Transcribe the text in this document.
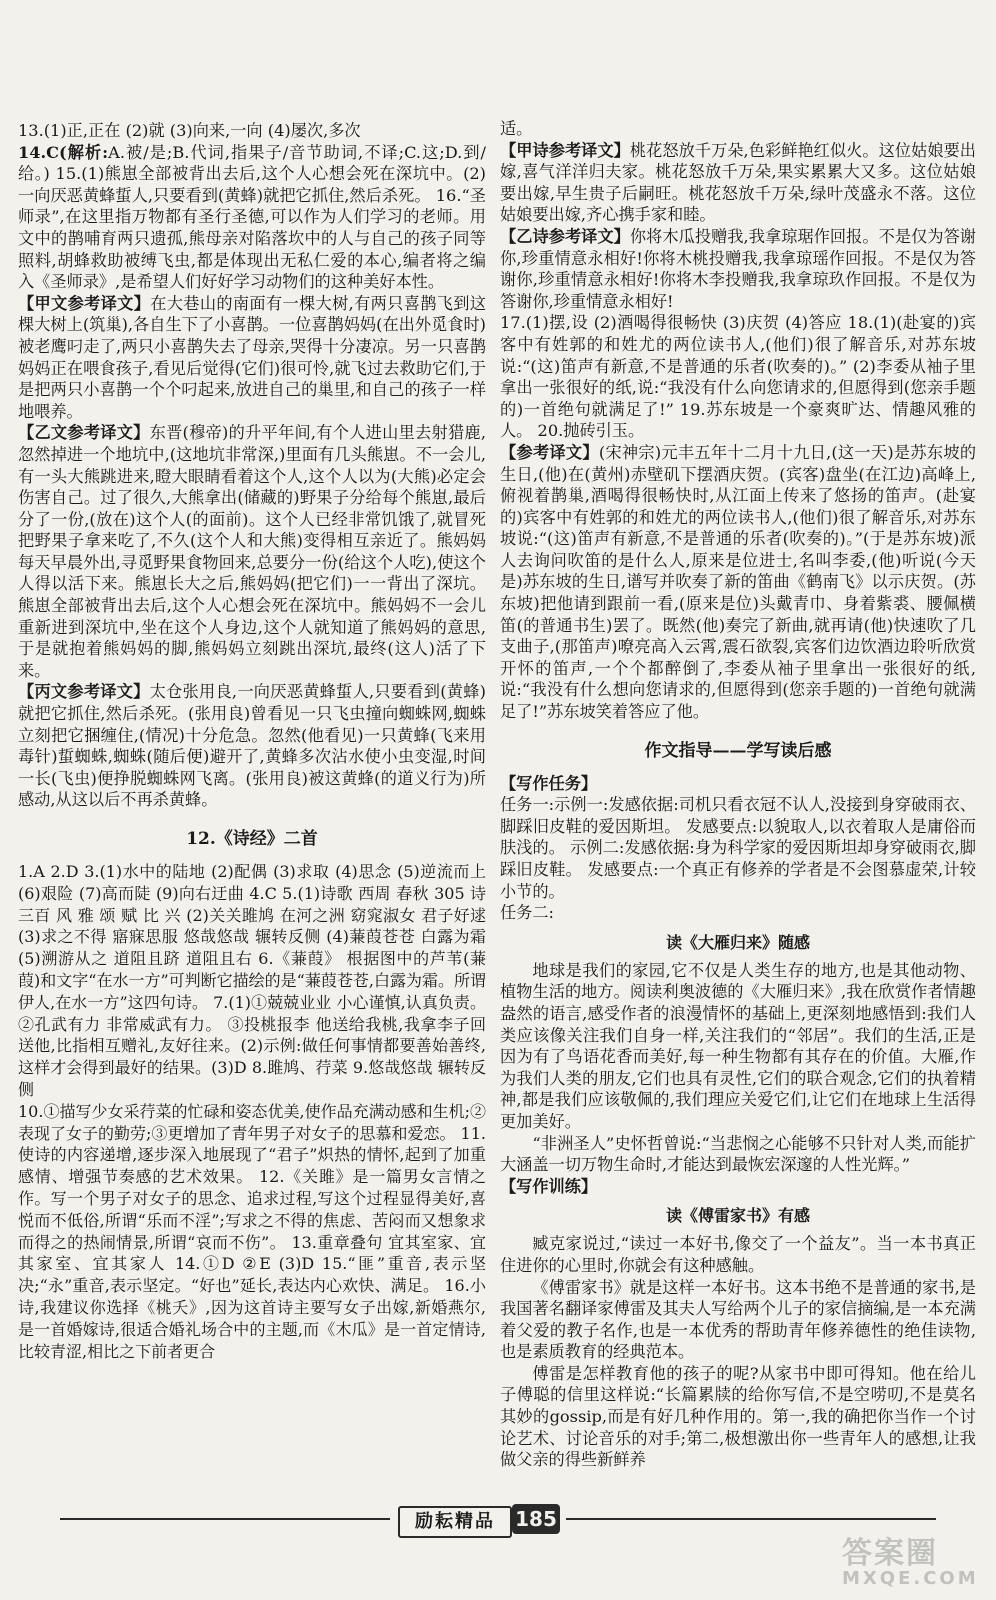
13.(1)正,正在 (2)就 (3)向来,一向 (4)屡次,多次

14.C(解析:A.被/是;B.代词,指果子/音节助词,不译;C.这;D.到/给。) 15.(1)熊崽全部被背出去后,这个人心想会死在深坑中。(2)一向厌恶黄蜂蜇人,只要看到(黄蜂)就把它抓住,然后杀死。 16.“圣师录”,在这里指万物都有圣行圣德,可以作为人们学习的老师。用文中的鹊哺育两只遗孤,熊母亲对陷落坎中的人与自己的孩子同等照料,胡蜂救助被缚飞虫,都是体现出无私仁爱的本心,编者将之编入《圣师录》,是希望人们好好学习动物们的这种美好本性。

【甲文参考译文】在大巷山的南面有一棵大树,有两只喜鹊飞到这棵大树上(筑巢),各自生下了小喜鹊。一位喜鹊妈妈(在出外觅食时)被老鹰叼走了,两只小喜鹊失去了母亲,哭得十分凄凉。另一只喜鹊妈妈正在喂食孩子,看见后觉得(它们)很可怜,就飞过去救助它们,于是把两只小喜鹊一个个叼起来,放进自己的巢里,和自己的孩子一样地喂养。

【乙文参考译文】东晋(穆帝)的升平年间,有个人进山里去射猎鹿,忽然掉进一个地坑中,(这地坑非常深,)里面有几头熊崽。不一会儿,有一头大熊跳进来,瞪大眼睛看着这个人,这个人以为(大熊)必定会伤害自己。过了很久,大熊拿出(储藏的)野果子分给每个熊崽,最后分了一份,(放在)这个人(的面前)。这个人已经非常饥饿了,就冒死把野果子拿来吃了,不久(这个人和大熊)变得相互亲近了。熊妈妈每天早晨外出,寻觅野果食物回来,总要分一份(给这个人吃),使这个人得以活下来。熊崽长大之后,熊妈妈(把它们)一一背出了深坑。熊崽全部被背出去后,这个人心想会死在深坑中。熊妈妈不一会儿重新进到深坑中,坐在这个人身边,这个人就知道了熊妈妈的意思,于是就抱着熊妈妈的脚,熊妈妈立刻跳出深坑,最终(这人)活了下来。

【丙文参考译文】太仓张用良,一向厌恶黄蜂蜇人,只要看到(黄蜂)就把它抓住,然后杀死。(张用良)曾看见一只飞虫撞向蜘蛛网,蜘蛛立刻把它捆缠住,(情况)十分危急。忽然(他看见)一只黄蜂(飞来用毒针)蜇蜘蛛,蜘蛛(随后便)避开了,黄蜂多次沾水使小虫变湿,时间一长(飞虫)便挣脱蜘蛛网飞离。(张用良)被这黄蜂(的道义行为)所感动,从这以后不再杀黄蜂。

12.《诗经》二首

1.A 2.D 3.(1)水中的陆地 (2)配偶 (3)求取 (4)思念 (5)逆流而上 (6)艰险 (7)高而陡 (9)向右迂曲 4.C 5.(1)诗歌 西周 春秋 305 诗三百 风 雅 颂 赋 比 兴 (2)关关雎鸠 在河之洲 窈窕淑女 君子好逑 (3)求之不得 寤寐思服 悠哉悠哉 辗转反侧 (4)蒹葭苍苍 白露为霜 (5)溯游从之 道阻且跻 道阻且右 6.《蒹葭》 根据图中的芦苇(蒹葭)和文字“在水一方”可判断它描绘的是“蒹葭苍苍,白露为霜。所谓伊人,在水一方”这四句诗。 7.(1)①兢兢业业 小心谨慎,认真负责。 ②孔武有力 非常威武有力。 ③投桃报李 他送给我桃,我拿李子回送他,比指相互赠礼,友好往来。(2)示例:做任何事情都要善始善终,这样才会得到最好的结果。(3)D 8.雎鸠、荇菜 9.悠哉悠哉 辗转反侧

10.①描写少女采荇菜的忙碌和姿态优美,使作品充满动感和生机;②表现了女子的勤劳;③更增加了青年男子对女子的思慕和爱恋。 11.使诗的内容递增,逐步深入地展现了“君子”炽热的情怀,起到了加重感情、增强节奏感的艺术效果。 12.《关雎》是一篇男女言情之作。写一个男子对女子的思念、追求过程,写这个过程显得美好,喜悦而不低俗,所谓“乐而不淫”;写求之不得的焦虑、苦闷而又想象求而得之的热闹情景,所谓“哀而不伤”。 13.重章叠句 宜其室家、宜其家室、宜其家人 14.①D ②E (3)D 15.“匪”重音,表示坚决;“永”重音,表示坚定。“好也”延长,表达内心欢快、满足。 16.小诗,我建议你选择《桃夭》,因为这首诗主要写女子出嫁,新婚燕尔,是一首婚嫁诗,很适合婚礼场合中的主题,而《木瓜》是一首定情诗,比较青涩,相比之下前者更合

适。

【甲诗参考译文】桃花怒放千万朵,色彩鲜艳红似火。这位姑娘要出嫁,喜气洋洋归夫家。桃花怒放千万朵,果实累累大又多。这位姑娘要出嫁,早生贵子后嗣旺。桃花怒放千万朵,绿叶茂盛永不落。这位姑娘要出嫁,齐心携手家和睦。

【乙诗参考译文】你将木瓜投赠我,我拿琼琚作回报。不是仅为答谢你,珍重情意永相好!你将木桃投赠我,我拿琼瑶作回报。不是仅为答谢你,珍重情意永相好!你将木李投赠我,我拿琼玖作回报。不是仅为答谢你,珍重情意永相好!

17.(1)摆,设 (2)酒喝得很畅快 (3)庆贺 (4)答应 18.(1)(赴宴的)宾客中有姓郭的和姓尤的两位读书人,(他们)很了解音乐,对苏东坡说:“(这)笛声有新意,不是普通的乐者(吹奏的)。” (2)李委从袖子里拿出一张很好的纸,说:“我没有什么向您请求的,但愿得到(您亲手题的)一首绝句就满足了!” 19.苏东坡是一个豪爽旷达、情趣风雅的人。 20.抛砖引玉。

【参考译文】(宋神宗)元丰五年十二月十九日,(这一天)是苏东坡的生日,(他)在(黄州)赤壁矶下摆酒庆贺。(宾客)盘坐(在江边)高峰上,俯视着鹊巢,酒喝得很畅快时,从江面上传来了悠扬的笛声。(赴宴的)宾客中有姓郭的和姓尤的两位读书人,(他们)很了解音乐,对苏东坡说:“(这)笛声有新意,不是普通的乐者(吹奏的)。”(于是苏东坡)派人去询问吹笛的是什么人,原来是位进士,名叫李委,(他)听说(今天是)苏东坡的生日,谱写并吹奏了新的笛曲《鹤南飞》以示庆贺。(苏东坡)把他请到跟前一看,(原来是位)头戴青巾、身着紫裘、腰佩横笛(的普通书生)罢了。既然(他)奏完了新曲,就再请(他)快速吹了几支曲子,(那笛声)嘹亮高入云霄,震石欲裂,宾客们边饮酒边聆听欣赏开怀的笛声,一个个都醉倒了,李委从袖子里拿出一张很好的纸,说:“我没有什么想向您请求的,但愿得到(您亲手题的)一首绝句就满足了!”苏东坡笑着答应了他。

作文指导——学写读后感

【写作任务】

任务一:示例一:发感依据:司机只看衣冠不认人,没接到身穿破雨衣、脚踩旧皮鞋的爱因斯坦。 发感要点:以貌取人,以衣着取人是庸俗而肤浅的。 示例二:发感依据:身为科学家的爱因斯坦却身穿破雨衣,脚踩旧皮鞋。 发感要点:一个真正有修养的学者是不会图慕虚荣,计较小节的。

任务二:

读《大雁归来》随感

地球是我们的家园,它不仅是人类生存的地方,也是其他动物、植物生活的地方。阅读利奥波德的《大雁归来》,我在欣赏作者情趣盎然的语言,感受作者的浪漫情怀的基础上,更深刻地感悟到:我们人类应该像关注我们自身一样,关注我们的“邻居”。我们的生活,正是因为有了鸟语花香而美好,每一种生物都有其存在的价值。大雁,作为我们人类的朋友,它们也具有灵性,它们的联合观念,它们的执着精神,都是我们应该敬佩的,我们理应关爱它们,让它们在地球上生活得更加美好。

“非洲圣人”史怀哲曾说:“当悲悯之心能够不只针对人类,而能扩大涵盖一切万物生命时,才能达到最恢宏深邃的人性光辉。”

【写作训练】

读《傅雷家书》有感

臧克家说过,“读过一本好书,像交了一个益友”。当一本书真正住进你的心里时,你就会有这种感触。

《傅雷家书》就是这样一本好书。这本书绝不是普通的家书,是我国著名翻译家傅雷及其夫人写给两个儿子的家信摘编,是一本充满着父爱的教子名作,也是一本优秀的帮助青年修养德性的绝佳读物,也是素质教育的经典范本。

傅雷是怎样教育他的孩子的呢?从家书中即可得知。他在给儿子傅聪的信里这样说:“长篇累牍的给你写信,不是空唠叨,不是莫名其妙的gossip,而是有好几种作用的。第一,我的确把你当作一个讨论艺术、讨论音乐的对手;第二,极想激出你一些青年人的感想,让我做父亲的得些新鲜养

励耘精品	185
答案圈
MXQE.COM
